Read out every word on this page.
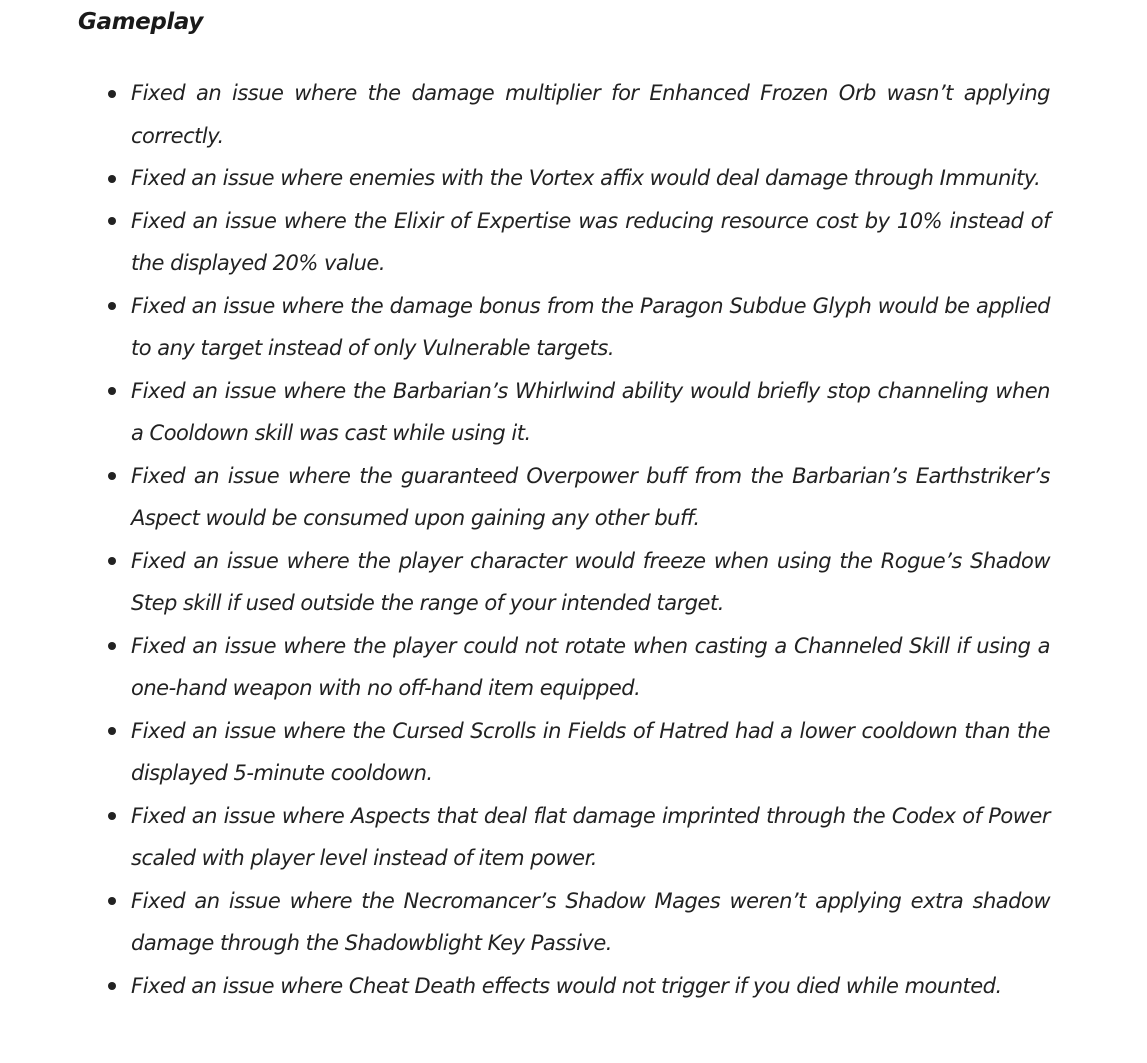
Gameplay
Fixed an issue where the damage multiplier for Enhanced Frozen Orb wasn’t applying correctly.
Fixed an issue where enemies with the Vortex affix would deal damage through Immunity.
Fixed an issue where the Elixir of Expertise was reducing resource cost by 10% instead of the displayed 20% value.
Fixed an issue where the damage bonus from the Paragon Subdue Glyph would be applied to any target instead of only Vulnerable targets.
Fixed an issue where the Barbarian’s Whirlwind ability would briefly stop channeling when a Cooldown skill was cast while using it.
Fixed an issue where the guaranteed Overpower buff from the Barbarian’s Earthstriker’s Aspect would be consumed upon gaining any other buff.
Fixed an issue where the player character would freeze when using the Rogue’s Shadow Step skill if used outside the range of your intended target.
Fixed an issue where the player could not rotate when casting a Channeled Skill if using a one-hand weapon with no off-hand item equipped.
Fixed an issue where the Cursed Scrolls in Fields of Hatred had a lower cooldown than the displayed 5-minute cooldown.
Fixed an issue where Aspects that deal flat damage imprinted through the Codex of Power scaled with player level instead of item power.
Fixed an issue where the Necromancer’s Shadow Mages weren’t applying extra shadow damage through the Shadowblight Key Passive.
Fixed an issue where Cheat Death effects would not trigger if you died while mounted.
